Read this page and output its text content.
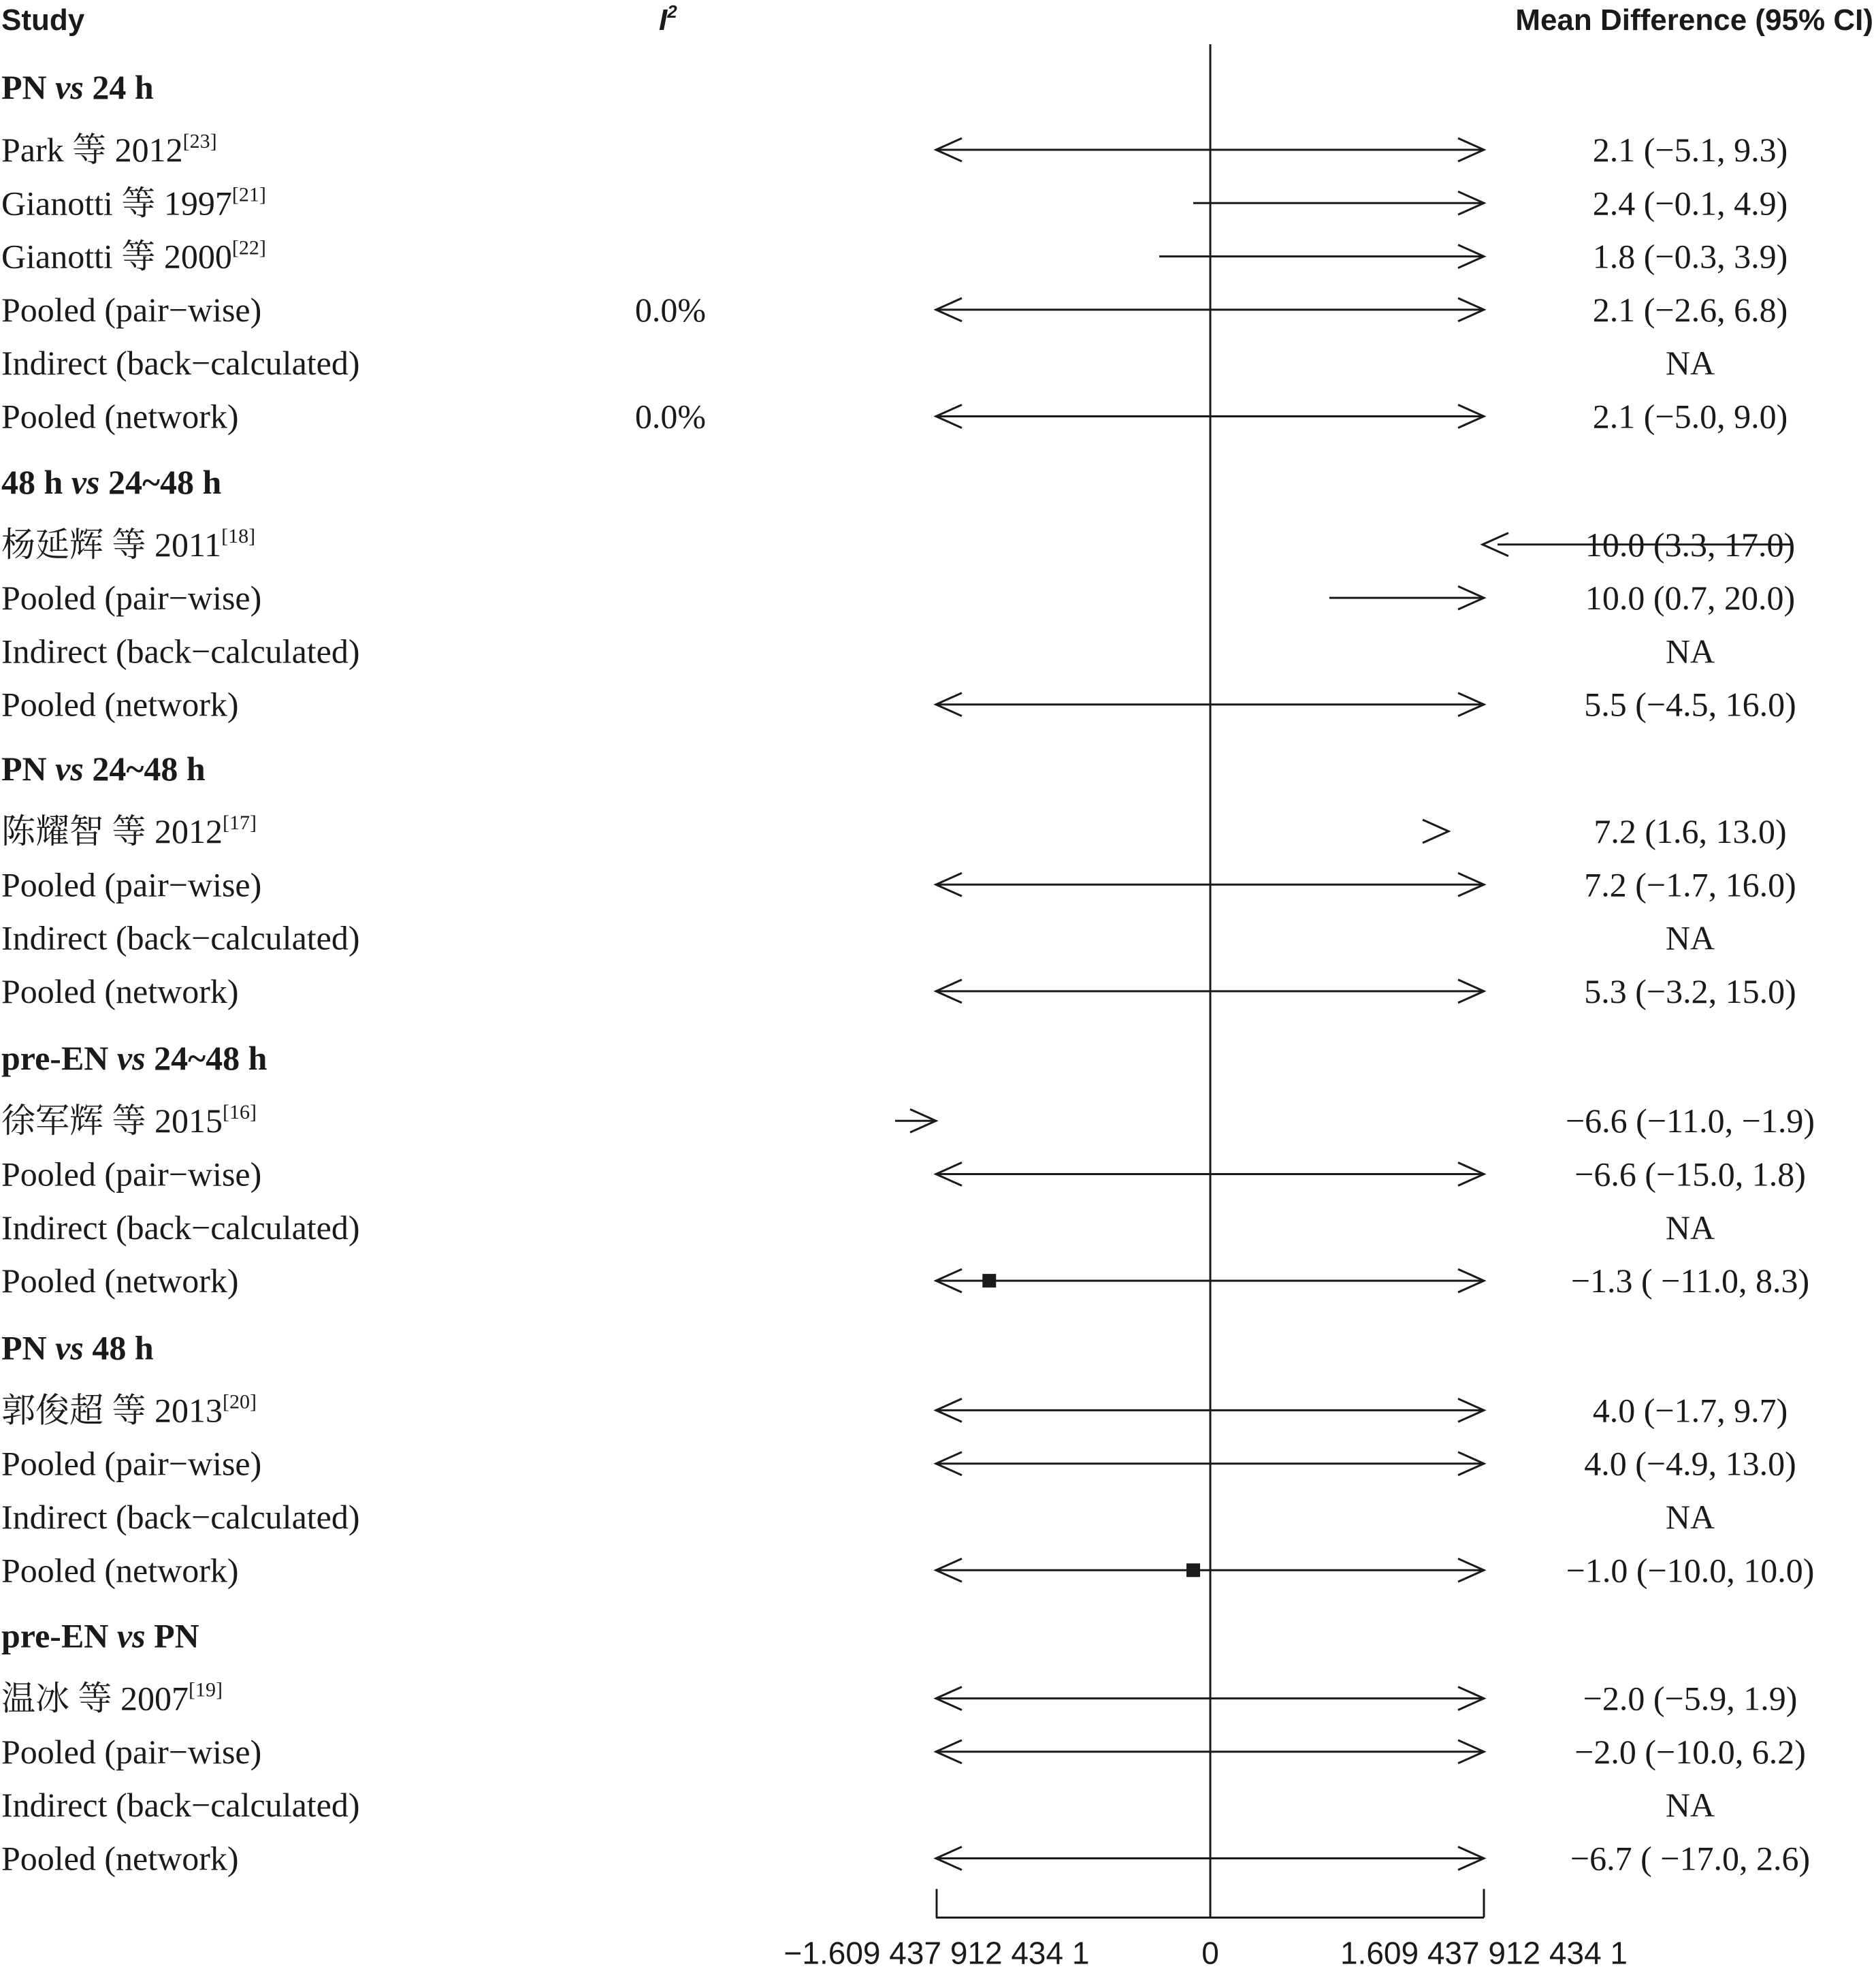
Study	$I^2$	Mean Difference (95% CI)
PN vs 24 h
Park 等 2012[23]	2.1 (−5.1, 9.3)
Gianotti 等 1997[21]	2.4 (−0.1, 4.9)
Gianotti 等 2000[22]	1.8 (−0.3, 3.9)
Pooled (pair−wise)	0.0%	2.1 (−2.6, 6.8)
Indirect (back−calculated)	NA
Pooled (network)	0.0%	2.1 (−5.0, 9.0)
48 h vs 24~48 h
杨延辉 等 2011[18]	10.0 (3.3, 17.0)
Pooled (pair−wise)	10.0 (0.7, 20.0)
Indirect (back−calculated)	NA
Pooled (network)	5.5 (−4.5, 16.0)
PN vs 24~48 h
陈耀智 等 2012[17]	7.2 (1.6, 13.0)
Pooled (pair−wise)	7.2 (−1.7, 16.0)
Indirect (back−calculated)	NA
Pooled (network)	5.3 (−3.2, 15.0)
pre-EN vs 24~48 h
徐军辉 等 2015[16]	−6.6 (−11.0, −1.9)
Pooled (pair−wise)	−6.6 (−15.0, 1.8)
Indirect (back−calculated)	NA
Pooled (network)	−1.3 ( −11.0, 8.3)
PN vs 48 h
郭俊超 等 2013[20]	4.0 (−1.7, 9.7)
Pooled (pair−wise)	4.0 (−4.9, 13.0)
Indirect (back−calculated)	NA
Pooled (network)	−1.0 (−10.0, 10.0)
pre-EN vs PN
温冰 等 2007[19]	−2.0 (−5.9, 1.9)
Pooled (pair−wise)	−2.0 (−10.0, 6.2)
Indirect (back−calculated)	NA
Pooled (network)	−6.7 ( −17.0, 2.6)
−1.609 437 912 434 1	0	1.609 437 912 434 1
